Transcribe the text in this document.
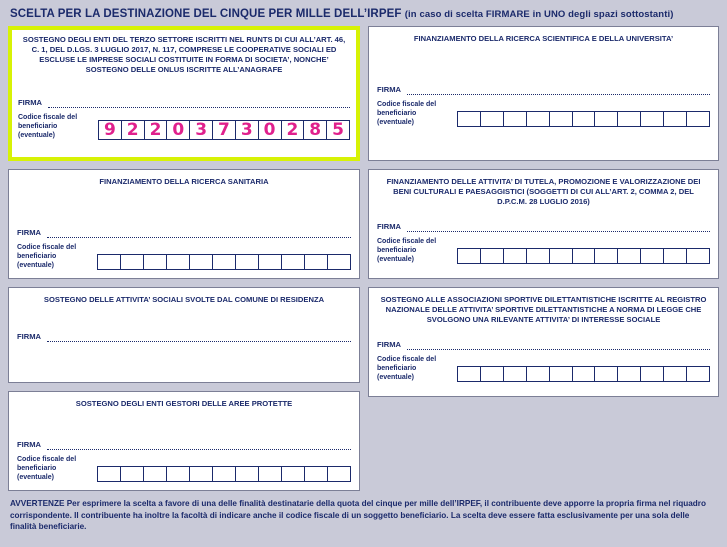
SCELTA PER LA DESTINAZIONE DEL CINQUE PER MILLE DELL’IRPEF (in caso di scelta FIRMARE in UNO degli spazi sottostanti)
SOSTEGNO DEGLI ENTI DEL TERZO SETTORE ISCRITTI NEL RUNTS DI CUI ALL’ART. 46, C. 1, DEL D.LGS. 3 LUGLIO 2017, N. 117, COMPRESE LE COOPERATIVE SOCIALI ED ESCLUSE LE IMPRESE SOCIALI COSTITUITE IN FORMA DI SOCIETA’, NONCHE’ SOSTEGNO DELLE ONLUS ISCRITTE ALL’ANAGRAFE
FIRMA
Codice fiscale del beneficiario (eventuale)	9 2 2 0 3 7 3 0 2 8 5
FINANZIAMENTO DELLA RICERCA SANITARIA
FIRMA
Codice fiscale del beneficiario (eventuale)
SOSTEGNO DELLE ATTIVITA’ SOCIALI SVOLTE DAL COMUNE DI RESIDENZA
FIRMA
SOSTEGNO DEGLI ENTI GESTORI DELLE AREE PROTETTE
FIRMA
Codice fiscale del beneficiario (eventuale)
FINANZIAMENTO DELLA RICERCA SCIENTIFICA E DELLA UNIVERSITA’
FIRMA
Codice fiscale del beneficiario (eventuale)
FINANZIAMENTO DELLE ATTIVITA’ DI TUTELA, PROMOZIONE E VALORIZZAZIONE DEI BENI CULTURALI E PAESAGGISTICI (SOGGETTI DI CUI ALL’ART. 2, COMMA 2, DEL D.P.C.M. 28 LUGLIO 2016)
FIRMA
Codice fiscale del beneficiario (eventuale)
SOSTEGNO ALLE ASSOCIAZIONI SPORTIVE DILETTANTISTICHE ISCRITTE AL REGISTRO NAZIONALE DELLE ATTIVITA’ SPORTIVE DILETTANTISTICHE A NORMA DI LEGGE CHE SVOLGONO UNA RILEVANTE ATTIVITA’ DI INTERESSE SOCIALE
FIRMA
Codice fiscale del beneficiario (eventuale)
AVVERTENZE Per esprimere la scelta a favore di una delle finalità destinatarie della quota del cinque per mille dell’IRPEF, il contribuente deve apporre la propria firma nel riquadro corrispondente. Il contribuente ha inoltre la facoltà di indicare anche il codice fiscale di un soggetto beneficiario. La scelta deve essere fatta esclusivamente per una sola delle finalità beneficiarie.
